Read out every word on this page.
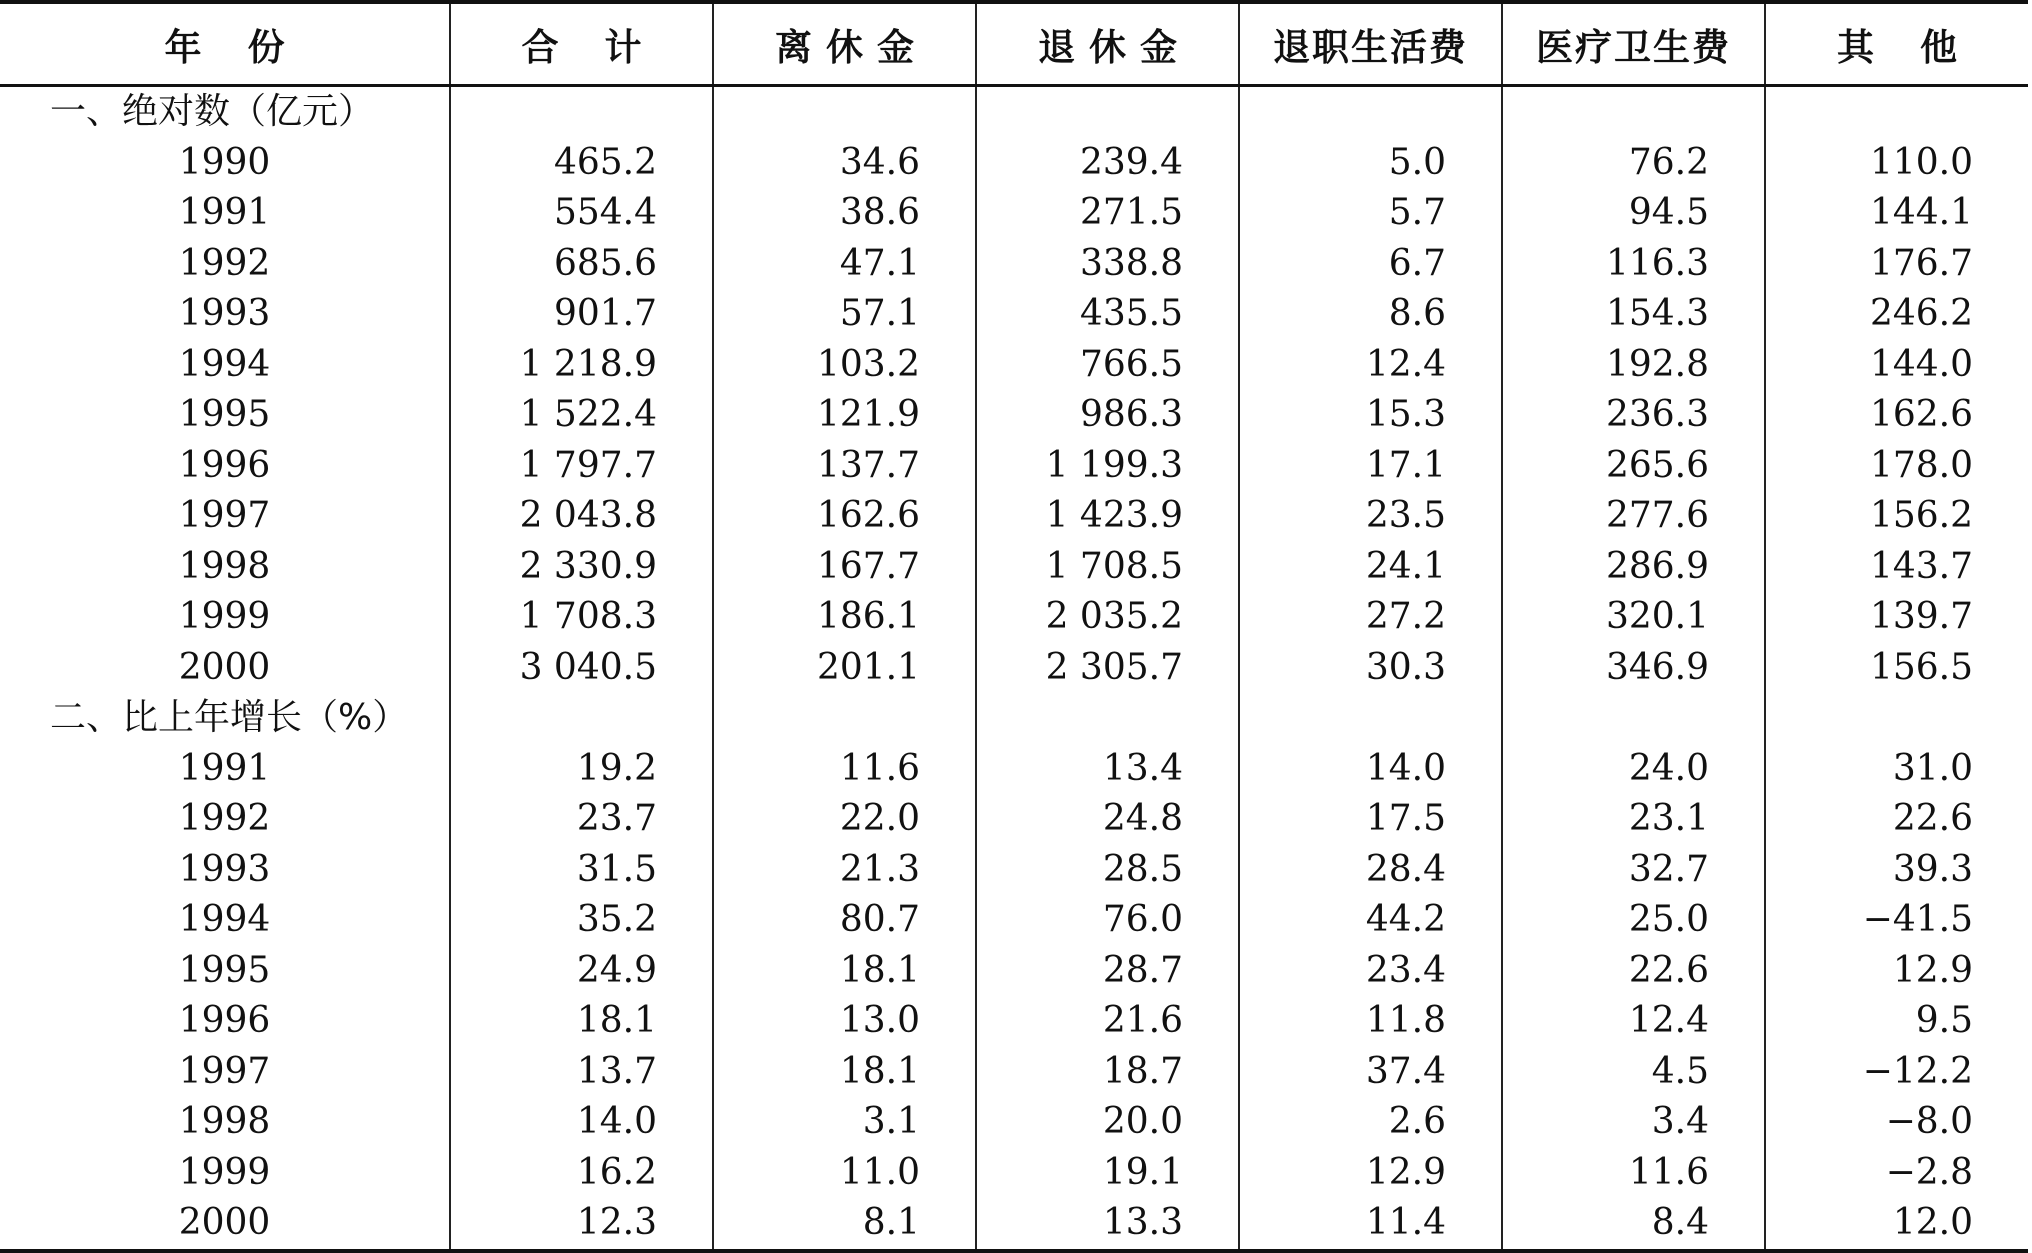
年份	合计	离休金	退休金	退职生活费	医疗卫生费	其他
一、绝对数（亿元）						
1990	465.2	34.6	239.4	5.0	76.2	110.0
1991	554.4	38.6	271.5	5.7	94.5	144.1
1992	685.6	47.1	338.8	6.7	116.3	176.7
1993	901.7	57.1	435.5	8.6	154.3	246.2
1994	1 218.9	103.2	766.5	12.4	192.8	144.0
1995	1 522.4	121.9	986.3	15.3	236.3	162.6
1996	1 797.7	137.7	1 199.3	17.1	265.6	178.0
1997	2 043.8	162.6	1 423.9	23.5	277.6	156.2
1998	2 330.9	167.7	1 708.5	24.1	286.9	143.7
1999	1 708.3	186.1	2 035.2	27.2	320.1	139.7
2000	3 040.5	201.1	2 305.7	30.3	346.9	156.5
二、比上年增长（%）						
1991	19.2	11.6	13.4	14.0	24.0	31.0
1992	23.7	22.0	24.8	17.5	23.1	22.6
1993	31.5	21.3	28.5	28.4	32.7	39.3
1994	35.2	80.7	76.0	44.2	25.0	−41.5
1995	24.9	18.1	28.7	23.4	22.6	12.9
1996	18.1	13.0	21.6	11.8	12.4	9.5
1997	13.7	18.1	18.7	37.4	4.5	−12.2
1998	14.0	3.1	20.0	2.6	3.4	−8.0
1999	16.2	11.0	19.1	12.9	11.6	−2.8
2000	12.3	8.1	13.3	11.4	8.4	12.0
